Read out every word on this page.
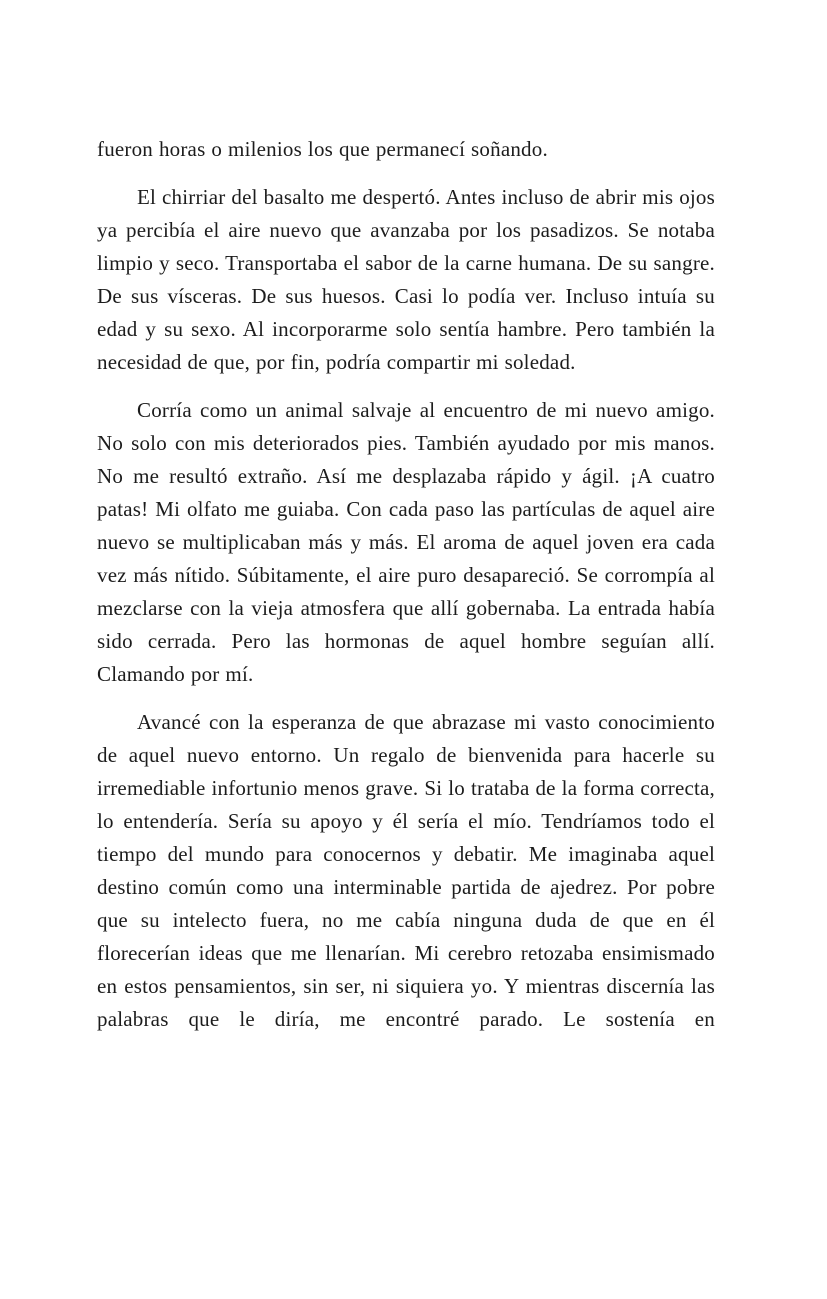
fueron horas o milenios los que permanecí soñando.

El chirriar del basalto me despertó. Antes incluso de abrir mis ojos ya percibía el aire nuevo que avanzaba por los pasadizos. Se notaba limpio y seco. Transportaba el sabor de la carne humana. De su sangre. De sus vísceras. De sus huesos. Casi lo podía ver. Incluso intuía su edad y su sexo. Al incorporarme solo sentía hambre. Pero también la necesidad de que, por fin, podría compartir mi soledad.

Corría como un animal salvaje al encuentro de mi nuevo amigo. No solo con mis deteriorados pies. También ayudado por mis manos. No me resultó extraño. Así me desplazaba rápido y ágil. ¡A cuatro patas! Mi olfato me guiaba. Con cada paso las partículas de aquel aire nuevo se multiplicaban más y más. El aroma de aquel joven era cada vez más nítido. Súbitamente, el aire puro desapareció. Se corrompía al mezclarse con la vieja atmosfera que allí gobernaba. La entrada había sido cerrada. Pero las hormonas de aquel hombre seguían allí. Clamando por mí.

Avancé con la esperanza de que abrazase mi vasto conocimiento de aquel nuevo entorno. Un regalo de bienvenida para hacerle su irremediable infortunio menos grave. Si lo trataba de la forma correcta, lo entendería. Sería su apoyo y él sería el mío. Tendríamos todo el tiempo del mundo para conocernos y debatir. Me imaginaba aquel destino común como una interminable partida de ajedrez. Por pobre que su intelecto fuera, no me cabía ninguna duda de que en él florecerían ideas que me llenarían. Mi cerebro retozaba ensimismado en estos pensamientos, sin ser, ni siquiera yo. Y mientras discernía las palabras que le diría, me encontré parado. Le sostenía en
